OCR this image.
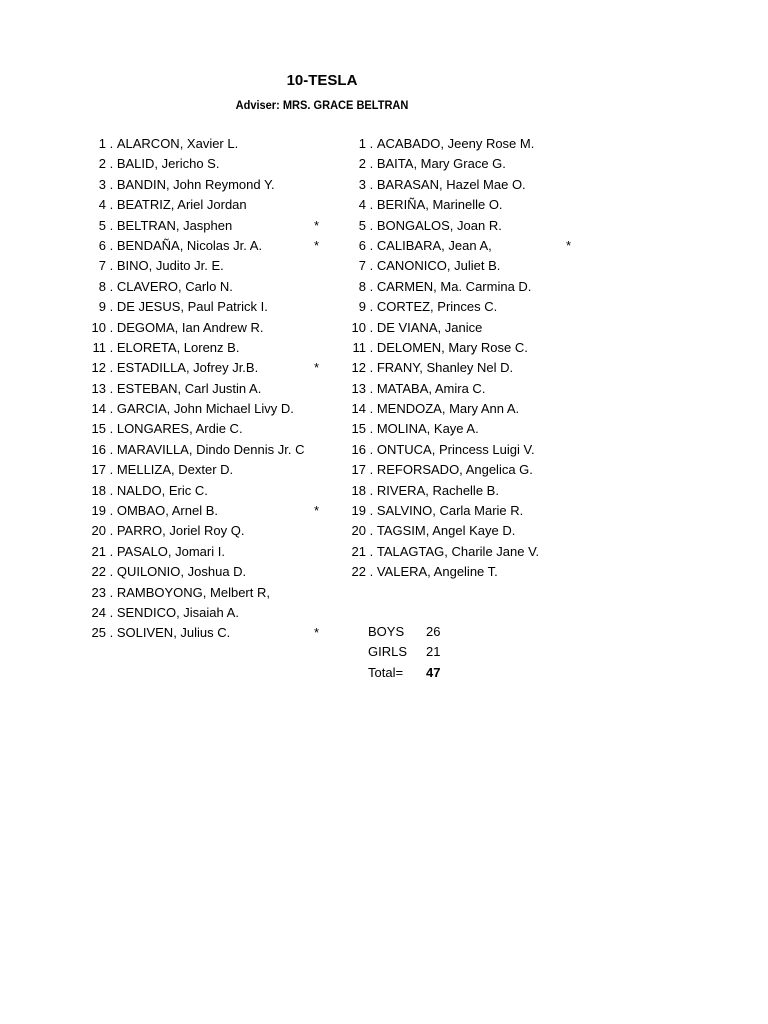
10-TESLA
Adviser: MRS. GRACE BELTRAN
1 . ALARCON, Xavier L.
2 . BALID, Jericho S.
3 . BANDIN, John Reymond Y.
4 . BEATRIZ, Ariel Jordan
5 . BELTRAN, Jasphen	*
6 . BENDAÑA, Nicolas Jr. A.	*
7 . BINO, Judito Jr. E.
8 . CLAVERO, Carlo N.
9 . DE JESUS, Paul Patrick I.
10 . DEGOMA, Ian Andrew R.
11 . ELORETA, Lorenz B.
12 . ESTADILLA, Jofrey Jr.B.	*
13 . ESTEBAN, Carl Justin A.
14 . GARCIA, John Michael Livy D.
15 . LONGARES, Ardie C.
16 . MARAVILLA, Dindo Dennis Jr. C
17 . MELLIZA, Dexter D.
18 . NALDO, Eric C.
19 . OMBAO, Arnel B.	*
20 . PARRO, Joriel Roy Q.
21 . PASALO, Jomari I.
22 . QUILONIO, Joshua D.
23 . RAMBOYONG, Melbert R,
24 . SENDICO, Jisaiah A.
25 . SOLIVEN, Julius C.	*
1 . ACABADO, Jeeny Rose M.
2 . BAITA, Mary Grace G.
3 . BARASAN, Hazel Mae O.
4 . BERIÑA, Marinelle O.
5 . BONGALOS, Joan R.
6 . CALIBARA, Jean A,	*
7 . CANONICO, Juliet B.
8 . CARMEN, Ma. Carmina D.
9 . CORTEZ, Princes C.
10 . DE VIANA, Janice
11 . DELOMEN, Mary Rose C.
12 . FRANY, Shanley Nel D.
13 . MATABA, Amira C.
14 . MENDOZA, Mary Ann A.
15 . MOLINA, Kaye A.
16 . ONTUCA, Princess Luigi V.
17 . REFORSADO, Angelica G.
18 . RIVERA, Rachelle B.
19 . SALVINO, Carla Marie R.
20 . TAGSIM, Angel Kaye D.
21 . TALAGTAG, Charile Jane V.
22 . VALERA, Angeline T.
BOYS 26
GIRLS 21
Total= 47
